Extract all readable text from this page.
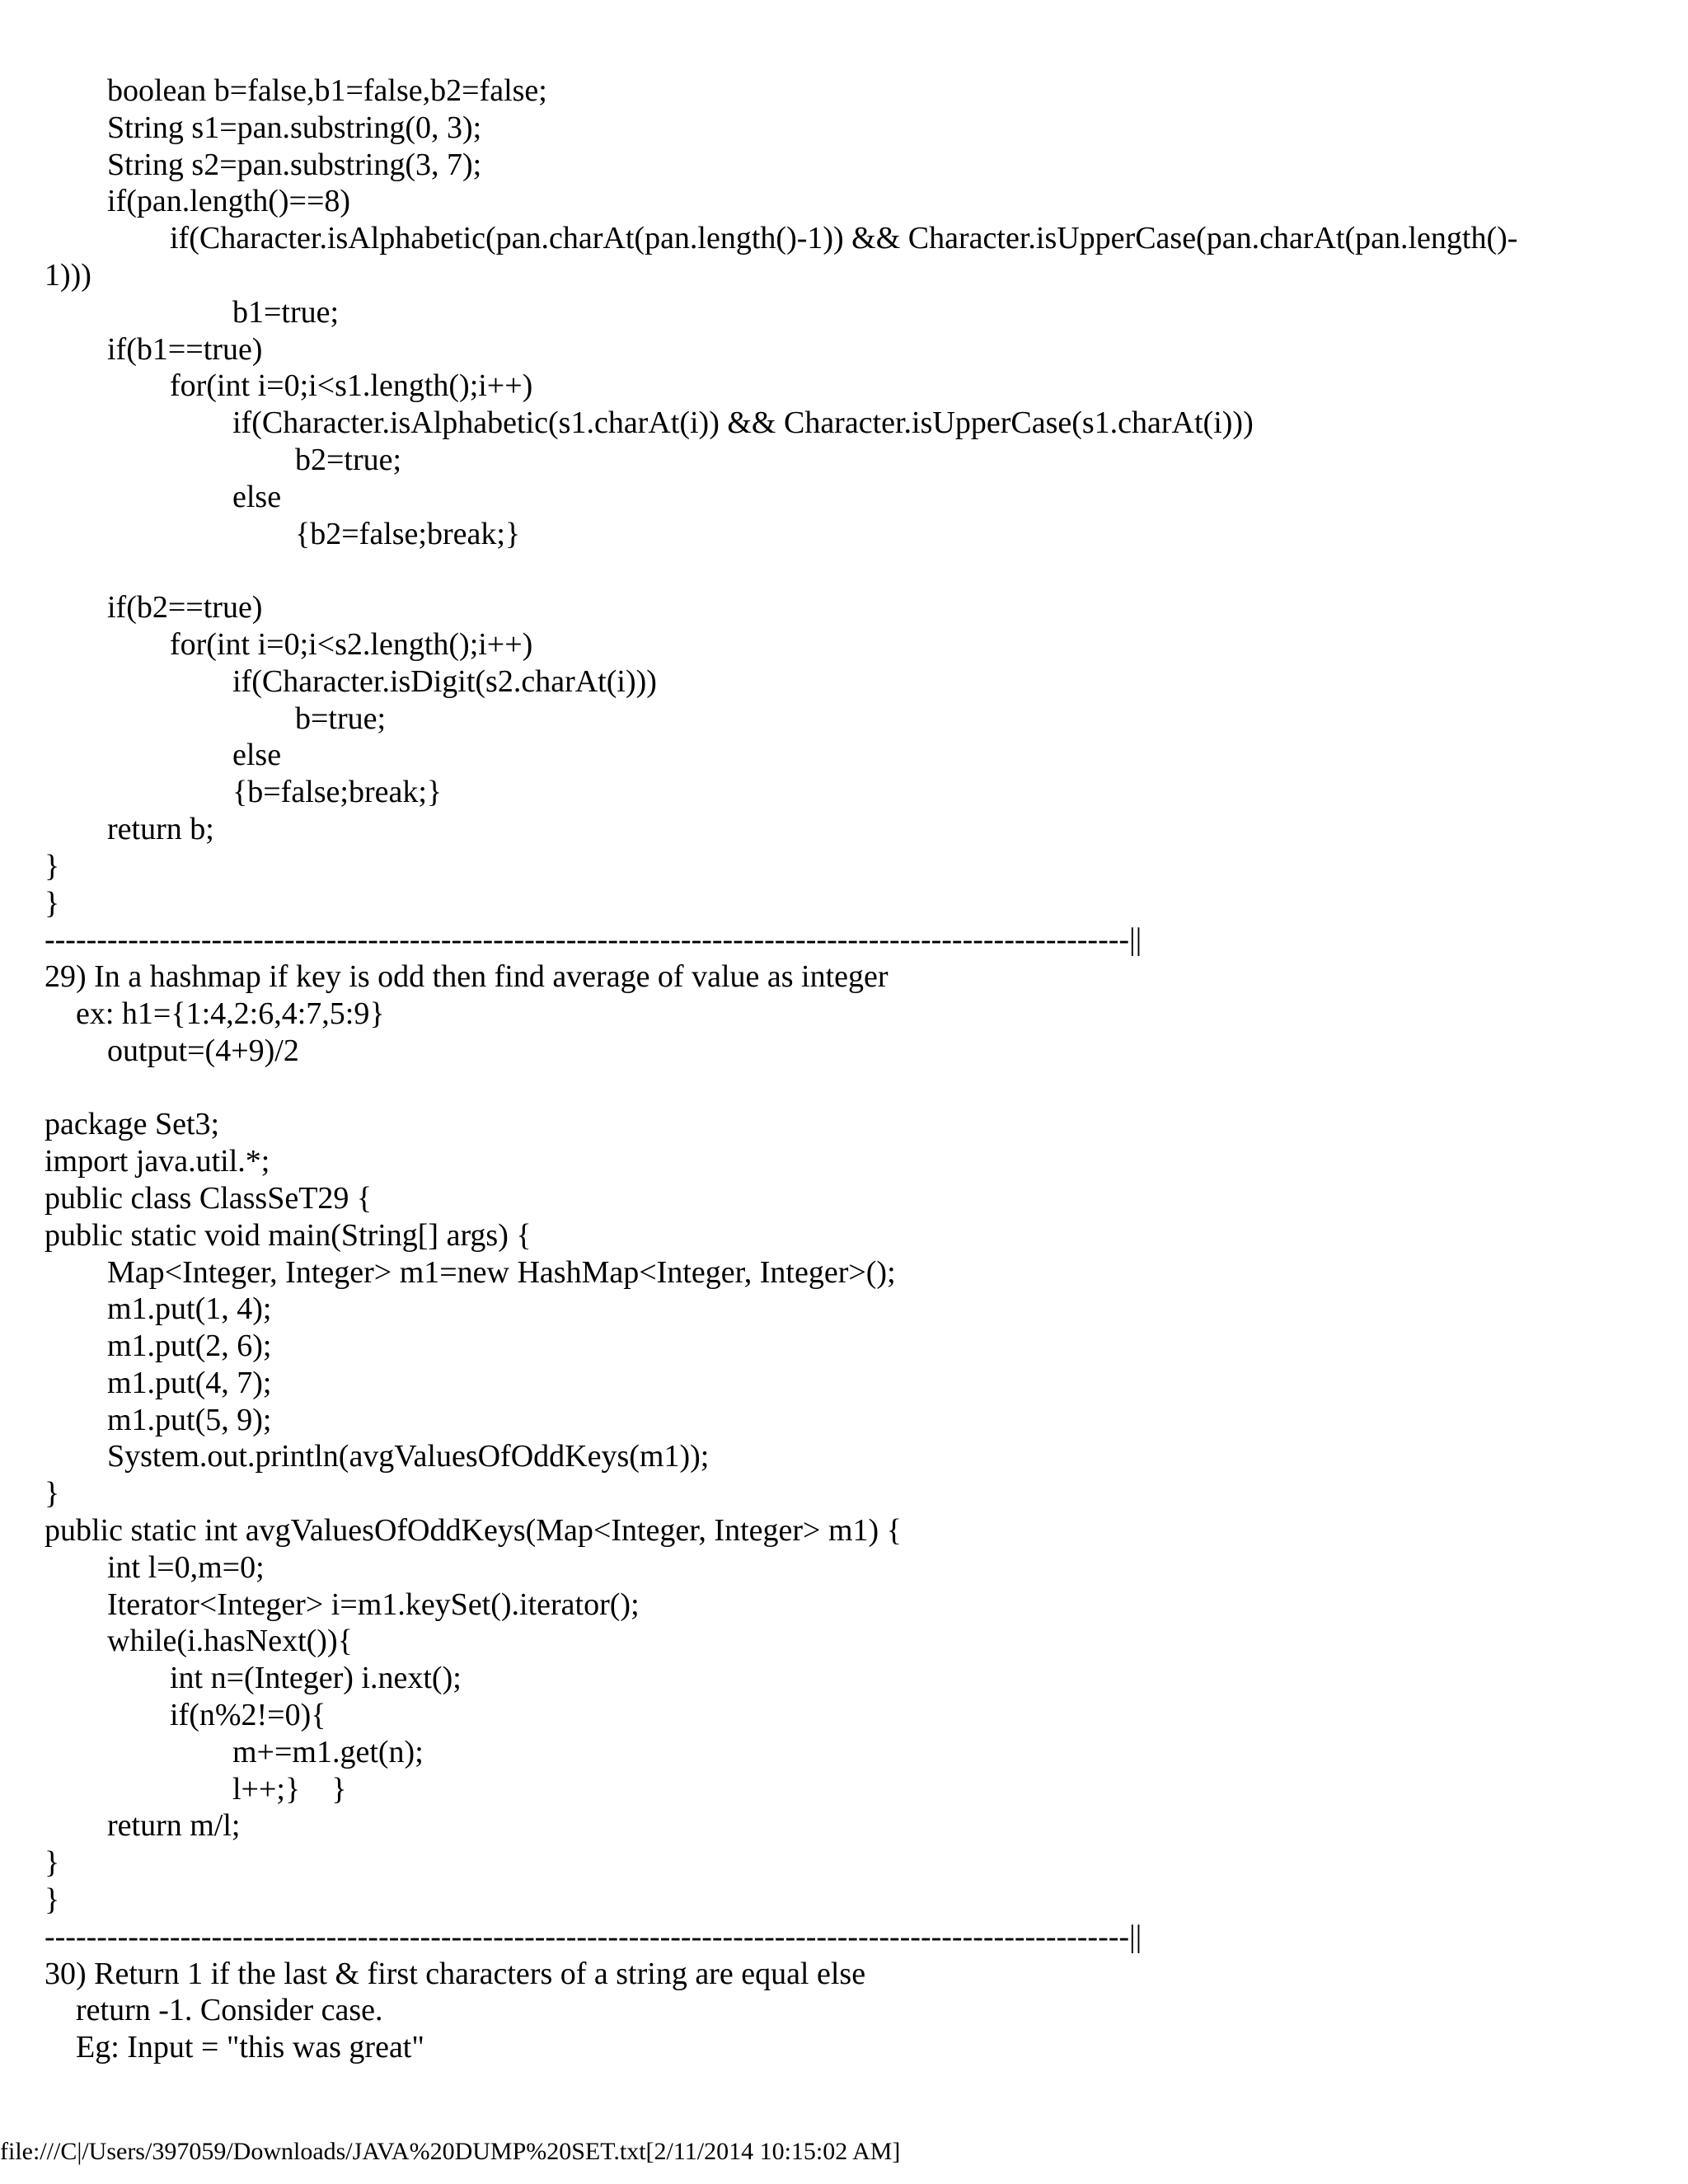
boolean b=false,b1=false,b2=false;
String s1=pan.substring(0, 3);
String s2=pan.substring(3, 7);
if(pan.length()==8)
if(Character.isAlphabetic(pan.charAt(pan.length()-1)) && Character.isUpperCase(pan.charAt(pan.length()-
1)))
b1=true;
if(b1==true)
for(int i=0;i<s1.length();i++)
if(Character.isAlphabetic(s1.charAt(i)) && Character.isUpperCase(s1.charAt(i)))
b2=true;
else
{b2=false;break;}
if(b2==true)
for(int i=0;i<s2.length();i++)
if(Character.isDigit(s2.charAt(i)))
b=true;
else
{b=false;break;}
return b;
}
}
--------------------------------------------------------------------------------------------------------||
29) In a hashmap if key is odd then find average of value as integer
ex: h1={1:4,2:6,4:7,5:9}
output=(4+9)/2
package Set3;
import java.util.*;
public class ClassSeT29 {
public static void main(String[] args) {
Map<Integer, Integer> m1=new HashMap<Integer, Integer>();
m1.put(1, 4);
m1.put(2, 6);
m1.put(4, 7);
m1.put(5, 9);
System.out.println(avgValuesOfOddKeys(m1));
}
public static int avgValuesOfOddKeys(Map<Integer, Integer> m1) {
int l=0,m=0;
Iterator<Integer> i=m1.keySet().iterator();
while(i.hasNext()){
int n=(Integer) i.next();
if(n%2!=0){
m+=m1.get(n);
l++;}    }
return m/l;
}
}
--------------------------------------------------------------------------------------------------------||
30) Return 1 if the last & first characters of a string are equal else
return -1. Consider case.
Eg: Input = "this was great"
file:///C|/Users/397059/Downloads/JAVA%20DUMP%20SET.txt[2/11/2014 10:15:02 AM]
